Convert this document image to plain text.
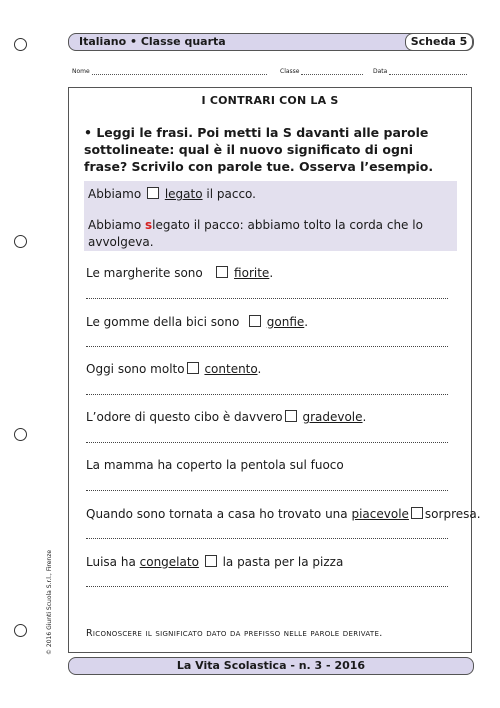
Italiano • Classe quarta	Scheda 5
Nome	Classe	Data
I CONTRARI CON LA S
• Leggi le frasi. Poi metti la S davanti alle parole sottolineate: qual è il nuovo significato di ogni frase? Scrivilo con parole tue. Osserva l’esempio.
Abbiamo legato il pacco.
Abbiamo slegato il pacco: abbiamo tolto la corda che lo avvolgeva.
Le margherite sono	fiorite.
Le gomme della bici sono gonfie.
Oggi sono molto contento.
L’odore di questo cibo è davvero gradevole.
La mamma ha coperto la pentola sul fuoco
Quando sono tornata a casa ho trovato una piacevole sorpresa.
Luisa ha congelato la pasta per la pizza
Riconoscere il significato dato da prefisso nelle parole derivate.
La Vita Scolastica - n. 3 - 2016
© 2016 Giunti Scuola S.r.l., Firenze
